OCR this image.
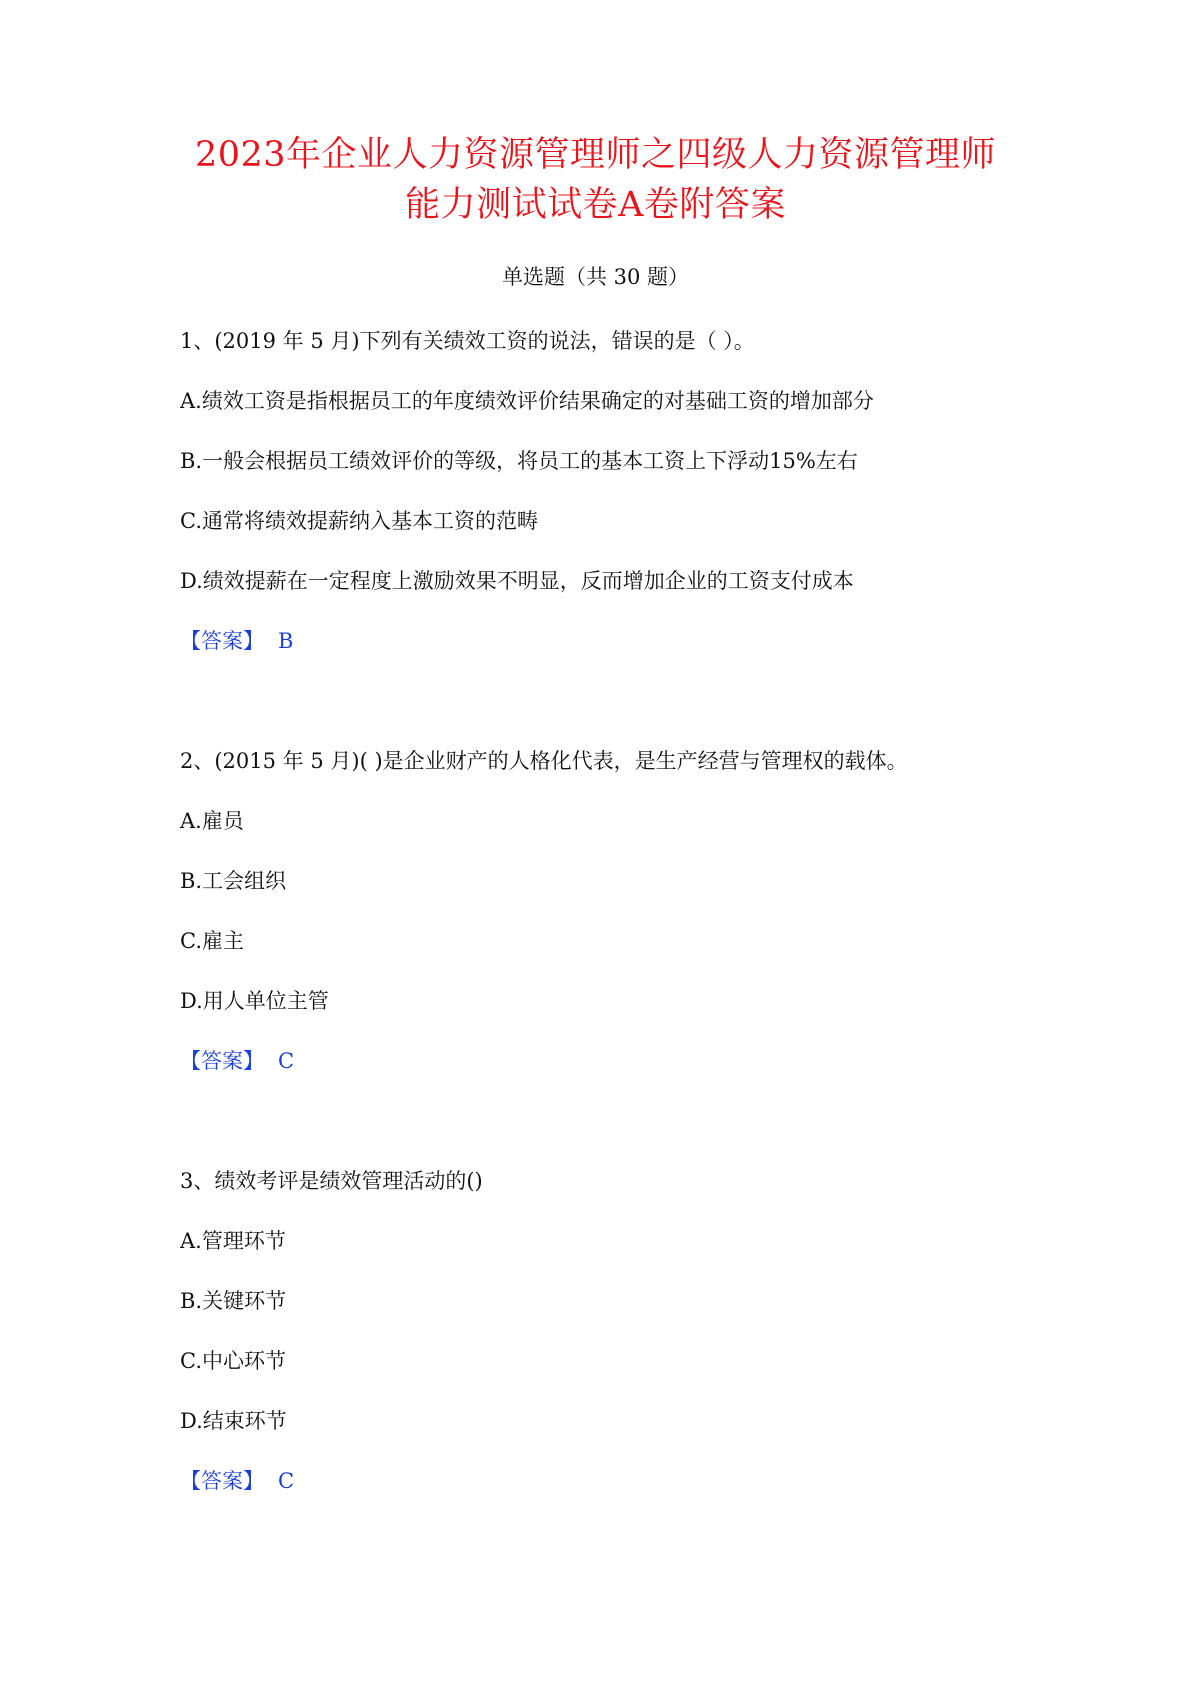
2023年企业人力资源管理师之四级人力资源管理师
能力测试试卷A卷附答案
单选题（共 30 题）
1、(2019 年 5 月)下列有关绩效工资的说法，错误的是（ ）。
A.绩效工资是指根据员工的年度绩效评价结果确定的对基础工资的增加部分
B.一般会根据员工绩效评价的等级，将员工的基本工资上下浮动15%左右
C.通常将绩效提薪纳入基本工资的范畴
D.绩效提薪在一定程度上激励效果不明显，反而增加企业的工资支付成本
【答案】 B
2、(2015 年 5 月)( )是企业财产的人格化代表，是生产经营与管理权的载体。
A.雇员
B.工会组织
C.雇主
D.用人单位主管
【答案】 C
3、绩效考评是绩效管理活动的()
A.管理环节
B.关键环节
C.中心环节
D.结束环节
【答案】 C
